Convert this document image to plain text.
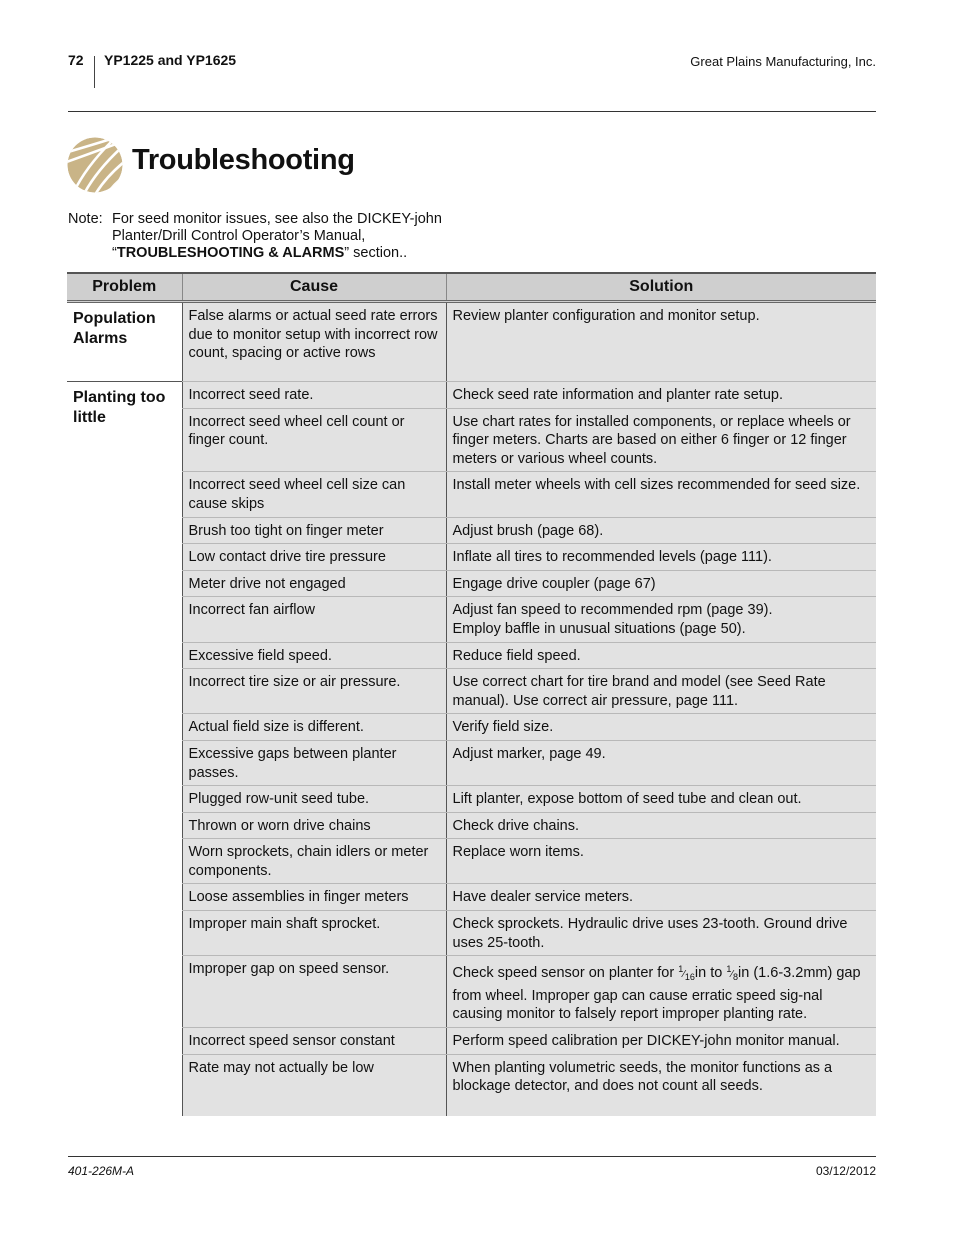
72 YP1225 and YP1625	Great Plains Manufacturing, Inc.
Troubleshooting
Note: For seed monitor issues, see also the DICKEY-john
Planter/Drill Control Operator’s Manual,
“TROUBLESHOOTING & ALARMS” section..
Problem	Cause	Solution
Population Alarms	False alarms or actual seed rate errors due to monitor setup with incorrect row count, spacing or active rows	Review planter configuration and monitor setup.
Planting too little	Incorrect seed rate.	Check seed rate information and planter rate setup.
	Incorrect seed wheel cell count or finger count.	Use chart rates for installed components, or replace wheels or finger meters. Charts are based on either 6 finger or 12 finger meters or various wheel counts.
	Incorrect seed wheel cell size can cause skips	Install meter wheels with cell sizes recommended for seed size.
	Brush too tight on finger meter	Adjust brush (page 68).
	Low contact drive tire pressure	Inflate all tires to recommended levels (page 111).
	Meter drive not engaged	Engage drive coupler (page 67)
	Incorrect fan airflow	Adjust fan speed to recommended rpm (page 39).
Employ baffle in unusual situations (page 50).
	Excessive field speed.	Reduce field speed.
	Incorrect tire size or air pressure.	Use correct chart for tire brand and model (see Seed Rate manual). Use correct air pressure, page 111.
	Actual field size is different.	Verify field size.
	Excessive gaps between planter passes.	Adjust marker, page 49.
	Plugged row-unit seed tube.	Lift planter, expose bottom of seed tube and clean out.
	Thrown or worn drive chains	Check drive chains.
	Worn sprockets, chain idlers or meter components.	Replace worn items.
	Loose assemblies in finger meters	Have dealer service meters.
	Improper main shaft sprocket.	Check sprockets. Hydraulic drive uses 23-tooth. Ground drive uses 25-tooth.
	Improper gap on speed sensor.	Check speed sensor on planter for $^1⁄_{16}in$ to $^1⁄_8in$ (1.6-3.2mm) gap from wheel. Improper gap can cause erratic speed sig-nal causing monitor to falsely report improper planting rate.
	Incorrect speed sensor constant	Perform speed calibration per DICKEY-john monitor manual.
	Rate may not actually be low	When planting volumetric seeds, the monitor functions as a blockage detector, and does not count all seeds.
401-226M-A	03/12/2012
